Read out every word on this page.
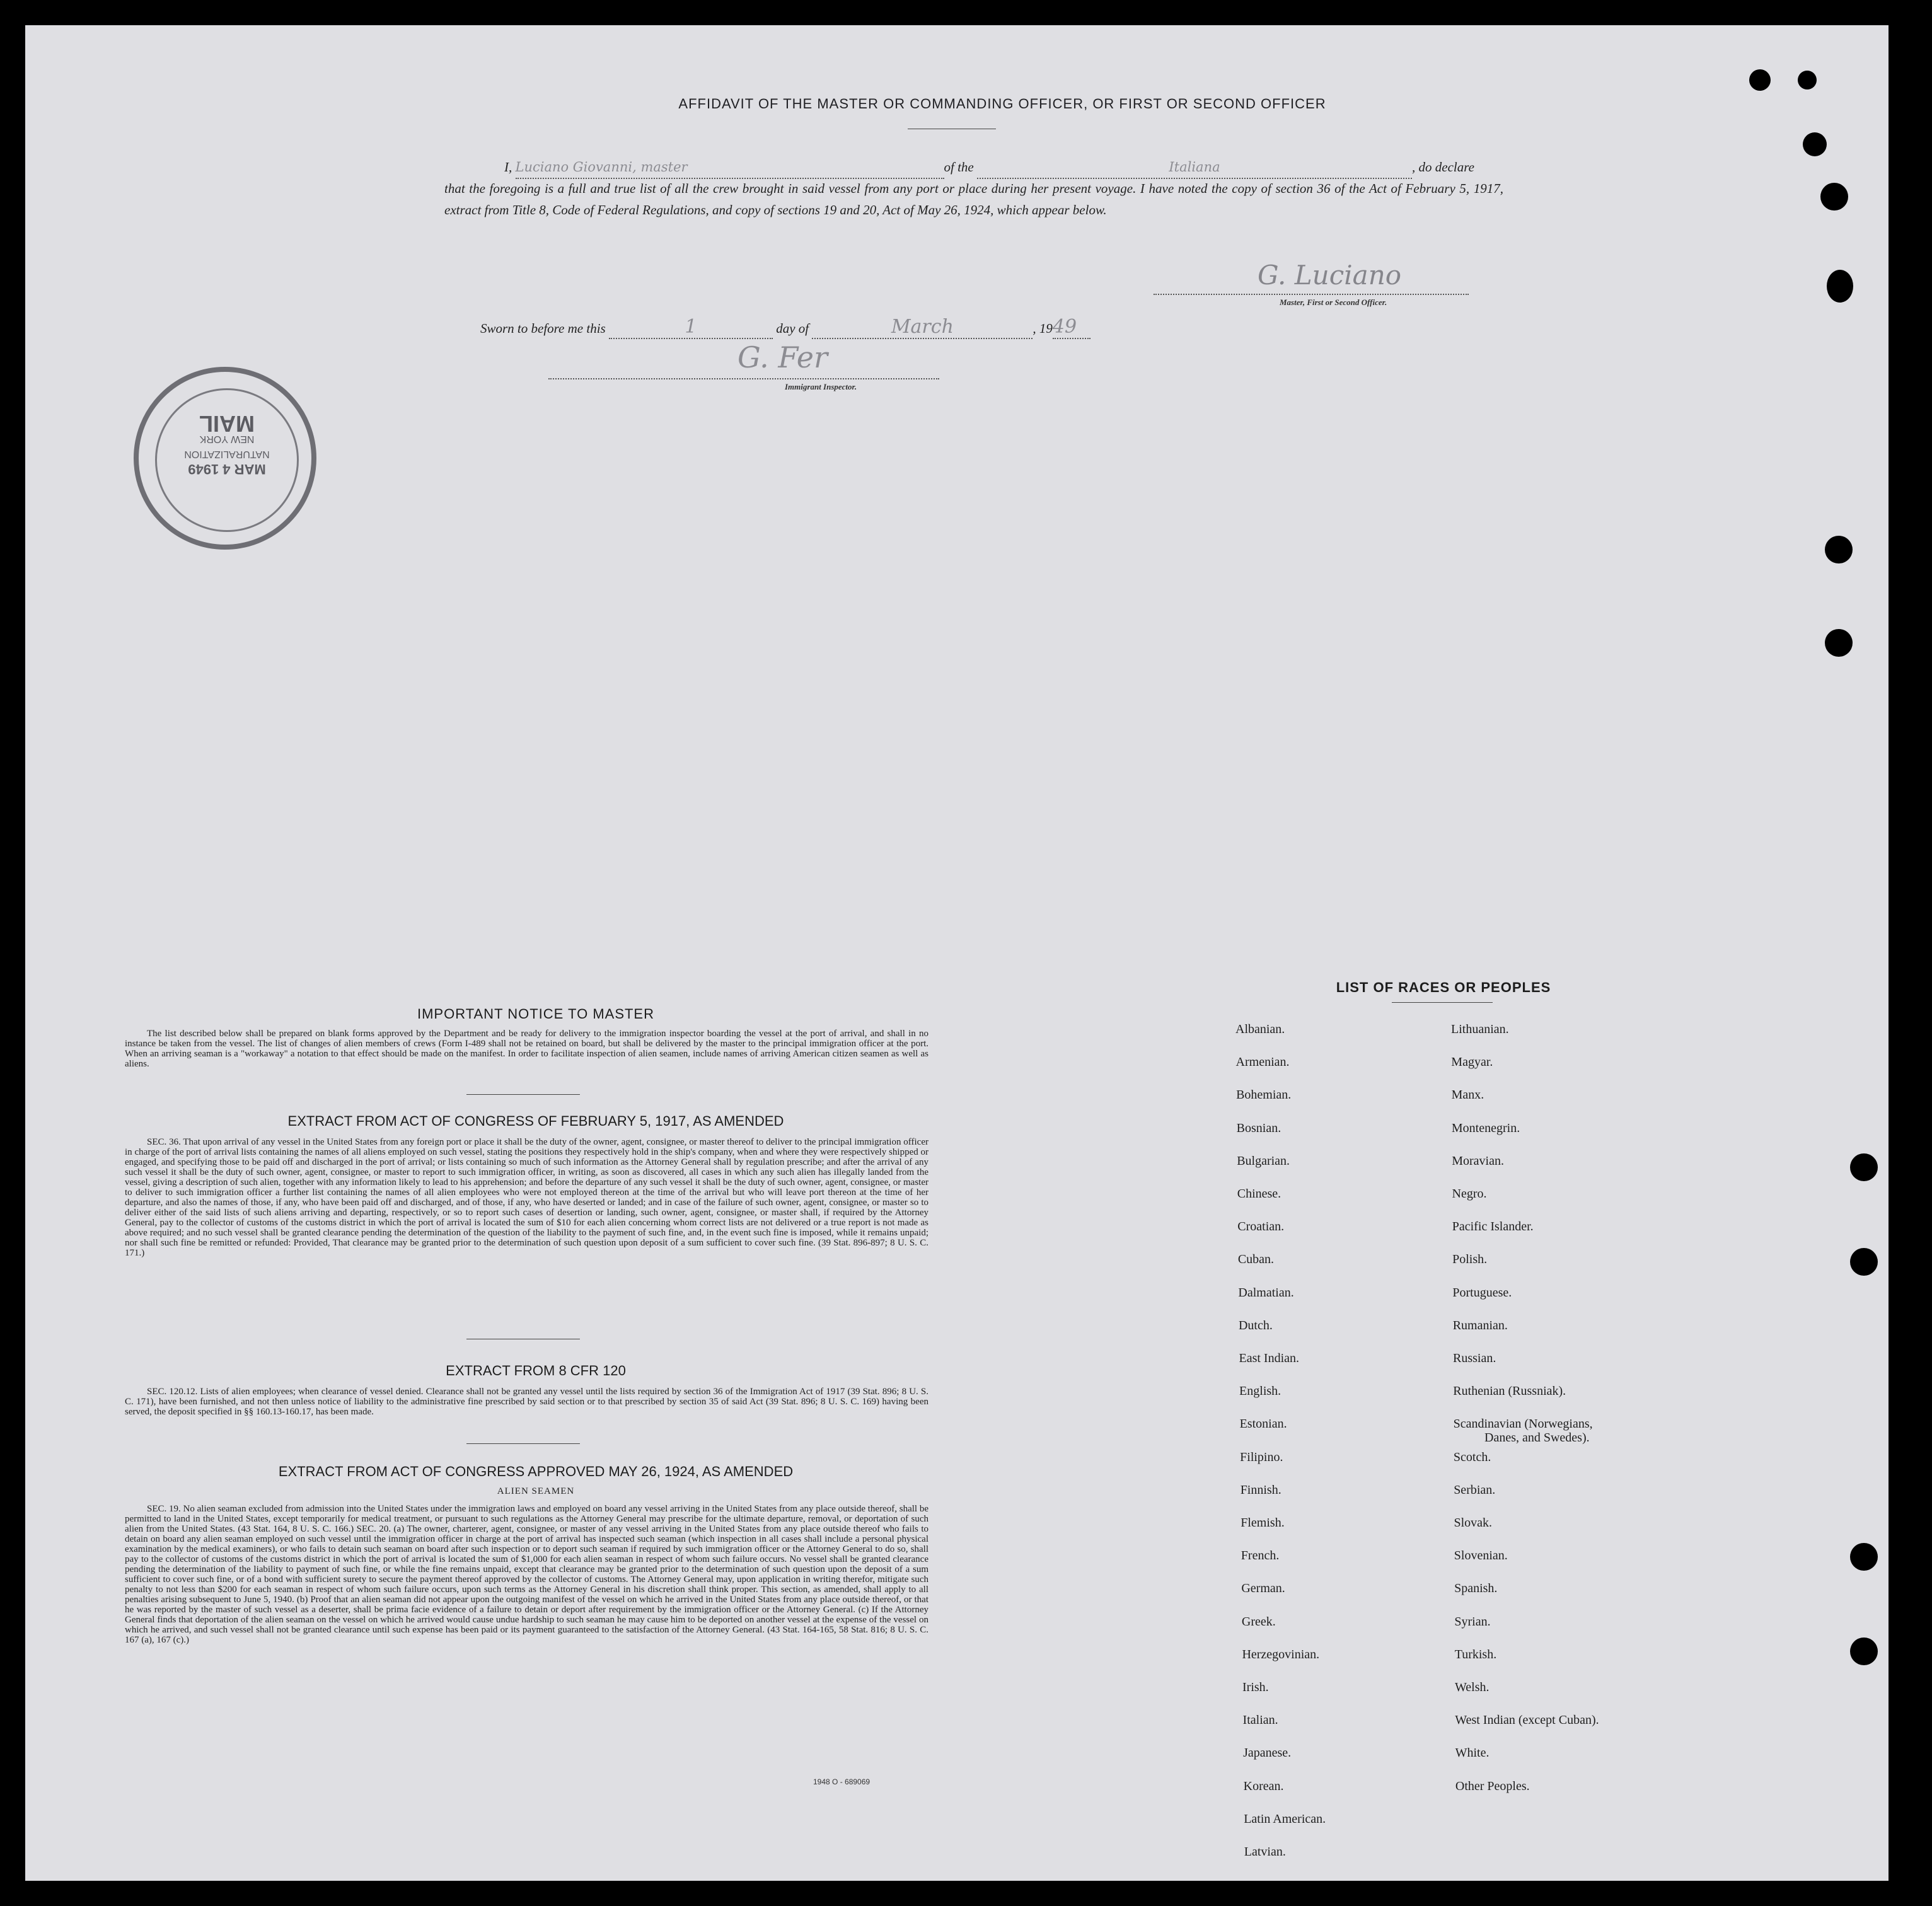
AFFIDAVIT OF THE MASTER OR COMMANDING OFFICER, OR FIRST OR SECOND OFFICER
I, Luciano Giovanni, master	of the	Italiana	, do declare
that the foregoing is a full and true list of all the crew brought in said vessel from any port or place during her present voyage. I have noted the copy of section 36 of the Act of February 5, 1917, extract from Title 8, Code of Federal Regulations, and copy of sections 19 and 20, Act of May 26, 1924, which appear below.
G. Luciano
Master, First or Second Officer.
Sworn to before me this	1	day of	March	, 1949
G. Fer
Immigrant Inspector.
MAR 4 1949
NATURALIZATION
NEW YORK
MAIL
IMPORTANT NOTICE TO MASTER
The list described below shall be prepared on blank forms approved by the Department and be ready for delivery to the immigration inspector boarding the vessel at the port of arrival, and shall in no instance be taken from the vessel. The list of changes of alien members of crews (Form I-489 shall not be retained on board, but shall be delivered by the master to the principal immigration officer at the port. When an arriving seaman is a "workaway" a notation to that effect should be made on the manifest. In order to facilitate inspection of alien seamen, include names of arriving American citizen seamen as well as aliens.
EXTRACT FROM ACT OF CONGRESS OF FEBRUARY 5, 1917, AS AMENDED
SEC. 36. That upon arrival of any vessel in the United States from any foreign port or place it shall be the duty of the owner, agent, consignee, or master thereof to deliver to the principal immigration officer in charge of the port of arrival lists containing the names of all aliens employed on such vessel, stating the positions they respectively hold in the ship's company, when and where they were respectively shipped or engaged, and specifying those to be paid off and discharged in the port of arrival; or lists containing so much of such information as the Attorney General shall by regulation prescribe; and after the arrival of any such vessel it shall be the duty of such owner, agent, consignee, or master to report to such immigration officer, in writing, as soon as discovered, all cases in which any such alien has illegally landed from the vessel, giving a description of such alien, together with any information likely to lead to his apprehension; and before the departure of any such vessel it shall be the duty of such owner, agent, consignee, or master to deliver to such immigration officer a further list containing the names of all alien employees who were not employed thereon at the time of the arrival but who will leave port thereon at the time of her departure, and also the names of those, if any, who have been paid off and discharged, and of those, if any, who have deserted or landed; and in case of the failure of such owner, agent, consignee, or master so to deliver either of the said lists of such aliens arriving and departing, respectively, or so to report such cases of desertion or landing, such owner, agent, consignee, or master shall, if required by the Attorney General, pay to the collector of customs of the customs district in which the port of arrival is located the sum of $10 for each alien concerning whom correct lists are not delivered or a true report is not made as above required; and no such vessel shall be granted clearance pending the determination of the question of the liability to the payment of such fine, and, in the event such fine is imposed, while it remains unpaid; nor shall such fine be remitted or refunded: Provided, That clearance may be granted prior to the determination of such question upon deposit of a sum sufficient to cover such fine. (39 Stat. 896-897; 8 U. S. C. 171.)
EXTRACT FROM 8 CFR 120
SEC. 120.12. Lists of alien employees; when clearance of vessel denied. Clearance shall not be granted any vessel until the lists required by section 36 of the Immigration Act of 1917 (39 Stat. 896; 8 U. S. C. 171), have been furnished, and not then unless notice of liability to the administrative fine prescribed by said section or to that prescribed by section 35 of said Act (39 Stat. 896; 8 U. S. C. 169) having been served, the deposit specified in §§ 160.13-160.17, has been made.
EXTRACT FROM ACT OF CONGRESS APPROVED MAY 26, 1924, AS AMENDED
ALIEN SEAMEN
SEC. 19. No alien seaman excluded from admission into the United States under the immigration laws and employed on board any vessel arriving in the United States from any place outside thereof, shall be permitted to land in the United States, except temporarily for medical treatment, or pursuant to such regulations as the Attorney General may prescribe for the ultimate departure, removal, or deportation of such alien from the United States. (43 Stat. 164, 8 U. S. C. 166.) SEC. 20. (a) The owner, charterer, agent, consignee, or master of any vessel arriving in the United States from any place outside thereof who fails to detain on board any alien seaman employed on such vessel until the immigration officer in charge at the port of arrival has inspected such seaman (which inspection in all cases shall include a personal physical examination by the medical examiners), or who fails to detain such seaman on board after such inspection or to deport such seaman if required by such immigration officer or the Attorney General to do so, shall pay to the collector of customs of the customs district in which the port of arrival is located the sum of $1,000 for each alien seaman in respect of whom such failure occurs. No vessel shall be granted clearance pending the determination of the liability to payment of such fine, or while the fine remains unpaid, except that clearance may be granted prior to the determination of such question upon the deposit of a sum sufficient to cover such fine, or of a bond with sufficient surety to secure the payment thereof approved by the collector of customs. The Attorney General may, upon application in writing therefor, mitigate such penalty to not less than $200 for each seaman in respect of whom such failure occurs, upon such terms as the Attorney General in his discretion shall think proper. This section, as amended, shall apply to all penalties arising subsequent to June 5, 1940. (b) Proof that an alien seaman did not appear upon the outgoing manifest of the vessel on which he arrived in the United States from any place outside thereof, or that he was reported by the master of such vessel as a deserter, shall be prima facie evidence of a failure to detain or deport after requirement by the immigration officer or the Attorney General. (c) If the Attorney General finds that deportation of the alien seaman on the vessel on which he arrived would cause undue hardship to such seaman he may cause him to be deported on another vessel at the expense of the vessel on which he arrived, and such vessel shall not be granted clearance until such expense has been paid or its payment guaranteed to the satisfaction of the Attorney General. (43 Stat. 164-165, 58 Stat. 816; 8 U. S. C. 167 (a), 167 (c).)
1948 O - 689069
LIST OF RACES OR PEOPLES
Albanian.
Armenian.
Bohemian.
Bosnian.
Bulgarian.
Chinese.
Croatian.
Cuban.
Dalmatian.
Dutch.
East Indian.
English.
Estonian.
Filipino.
Finnish.
Flemish.
French.
German.
Greek.
Herzegovinian.
Irish.
Italian.
Japanese.
Korean.
Latin American.
Latvian.
Lithuanian.
Magyar.
Manx.
Montenegrin.
Moravian.
Negro.
Pacific Islander.
Polish.
Portuguese.
Rumanian.
Russian.
Ruthenian (Russniak).
Scandinavian (Norwegians,
Danes, and Swedes).
Scotch.
Serbian.
Slovak.
Slovenian.
Spanish.
Syrian.
Turkish.
Welsh.
West Indian (except Cuban).
White.
Other Peoples.
